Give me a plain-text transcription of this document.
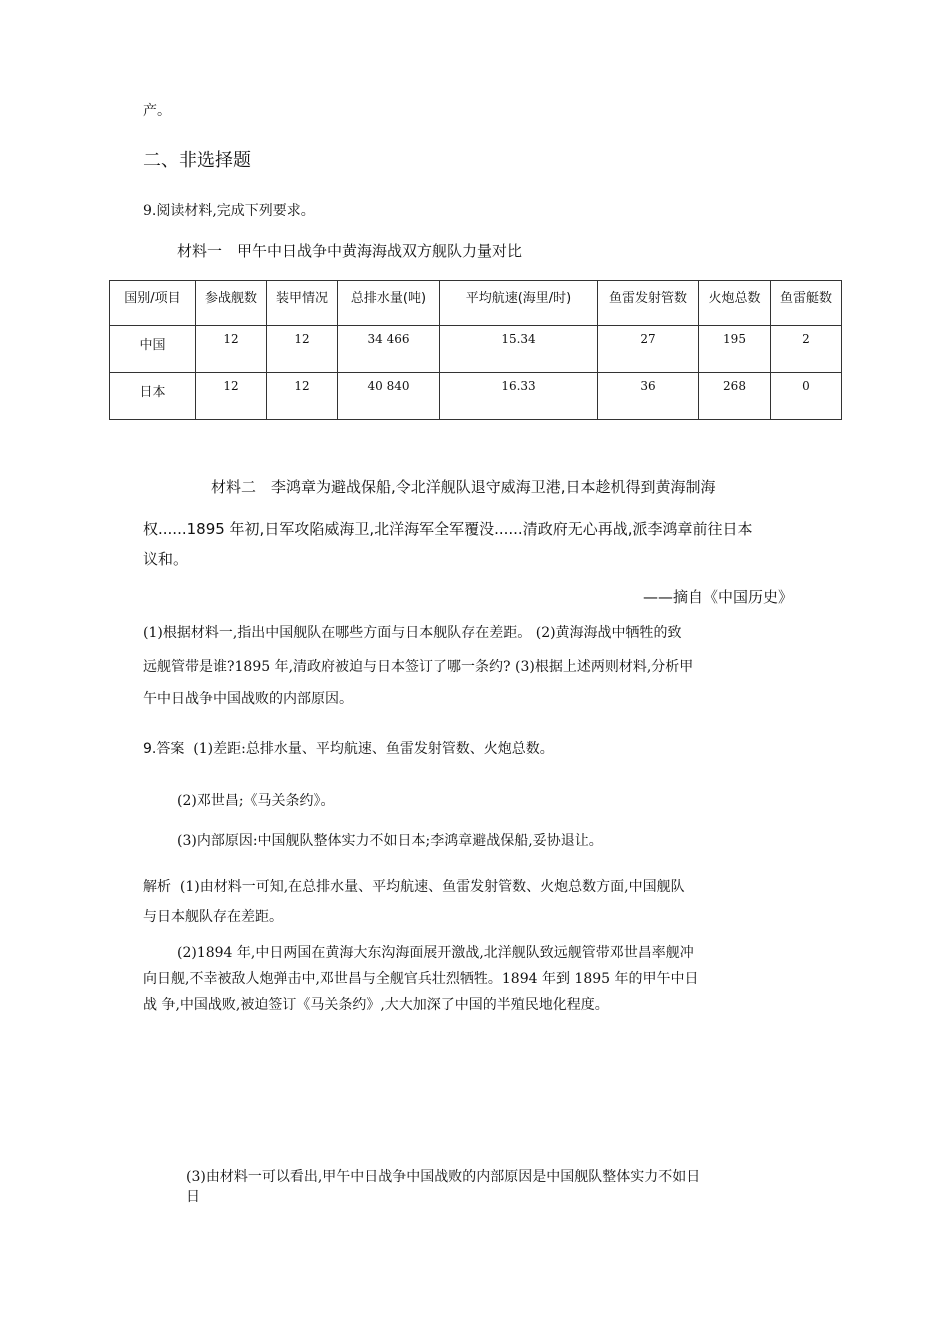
产。
二、非选择题
9.阅读材料,完成下列要求。
材料一　甲午中日战争中黄海海战双方舰队力量对比
国别/项目	参战舰数	装甲情况	总排水量(吨)	平均航速(海里/时)	鱼雷发射管数	火炮总数	鱼雷艇数
中国	12	12	34 466	15.34	27	195	2
日本	12	12	40 840	16.33	36	268	0
材料二　李鸿章为避战保船,令北洋舰队退守威海卫港,日本趁机得到黄海制海
权......1895 年初,日军攻陷威海卫,北洋海军全军覆没......清政府无心再战,派李鸿章前往日本
议和。
——摘自《中国历史》
(1)根据材料一,指出中国舰队在哪些方面与日本舰队存在差距。 (2)黄海海战中牺牲的致
远舰管带是谁?1895 年,清政府被迫与日本签订了哪一条约? (3)根据上述两则材料,分析甲
午中日战争中国战败的内部原因。
9.答案 (1)差距:总排水量、平均航速、鱼雷发射管数、火炮总数。
(2)邓世昌;《马关条约》。
(3)内部原因:中国舰队整体实力不如日本;李鸿章避战保船,妥协退让。
解析 (1)由材料一可知,在总排水量、平均航速、鱼雷发射管数、火炮总数方面,中国舰队
与日本舰队存在差距。
(2)1894 年,中日两国在黄海大东沟海面展开激战,北洋舰队致远舰管带邓世昌率舰冲
向日舰,不幸被敌人炮弹击中,邓世昌与全舰官兵壮烈牺牲。1894 年到 1895 年的甲午中日
战 争,中国战败,被迫签订《马关条约》,大大加深了中国的半殖民地化程度。
(3)由材料一可以看出,甲午中日战争中国战败的内部原因是中国舰队整体实力不如日
日
